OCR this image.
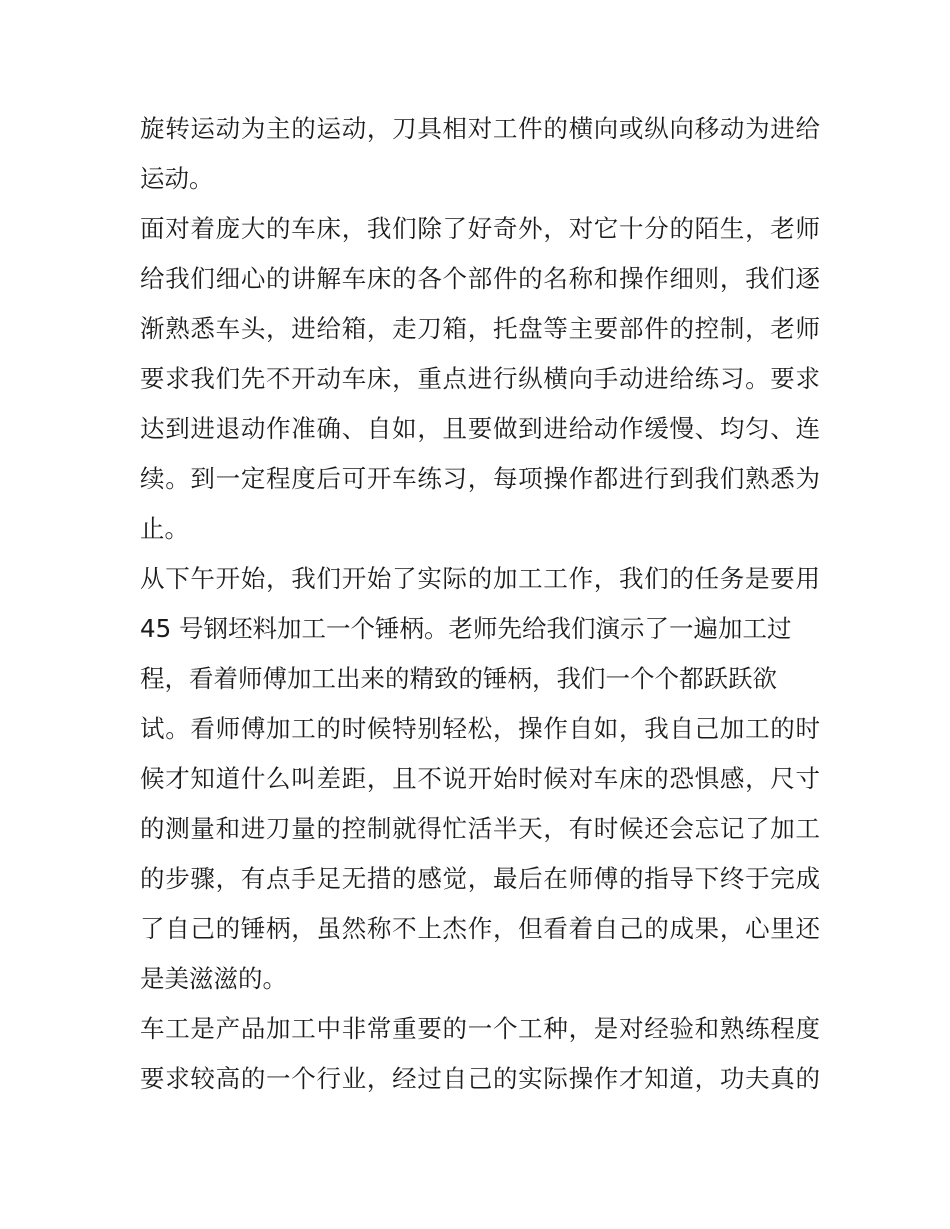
旋转运动为主的运动，刀具相对工件的横向或纵向移动为进给
运动。
面对着庞大的车床，我们除了好奇外，对它十分的陌生，老师
给我们细心的讲解车床的各个部件的名称和操作细则，我们逐
渐熟悉车头，进给箱，走刀箱，托盘等主要部件的控制，老师
要求我们先不开动车床，重点进行纵横向手动进给练习。要求
达到进退动作准确、自如，且要做到进给动作缓慢、均匀、连
续。到一定程度后可开车练习，每项操作都进行到我们熟悉为
止。
从下午开始，我们开始了实际的加工工作，我们的任务是要用
45 号钢坯料加工一个锤柄。老师先给我们演示了一遍加工过
程，看着师傅加工出来的精致的锤柄，我们一个个都跃跃欲
试。看师傅加工的时候特别轻松，操作自如，我自己加工的时
候才知道什么叫差距，且不说开始时候对车床的恐惧感，尺寸
的测量和进刀量的控制就得忙活半天，有时候还会忘记了加工
的步骤，有点手足无措的感觉，最后在师傅的指导下终于完成
了自己的锤柄，虽然称不上杰作，但看着自己的成果，心里还
是美滋滋的。
车工是产品加工中非常重要的一个工种，是对经验和熟练程度
要求较高的一个行业，经过自己的实际操作才知道，功夫真的
